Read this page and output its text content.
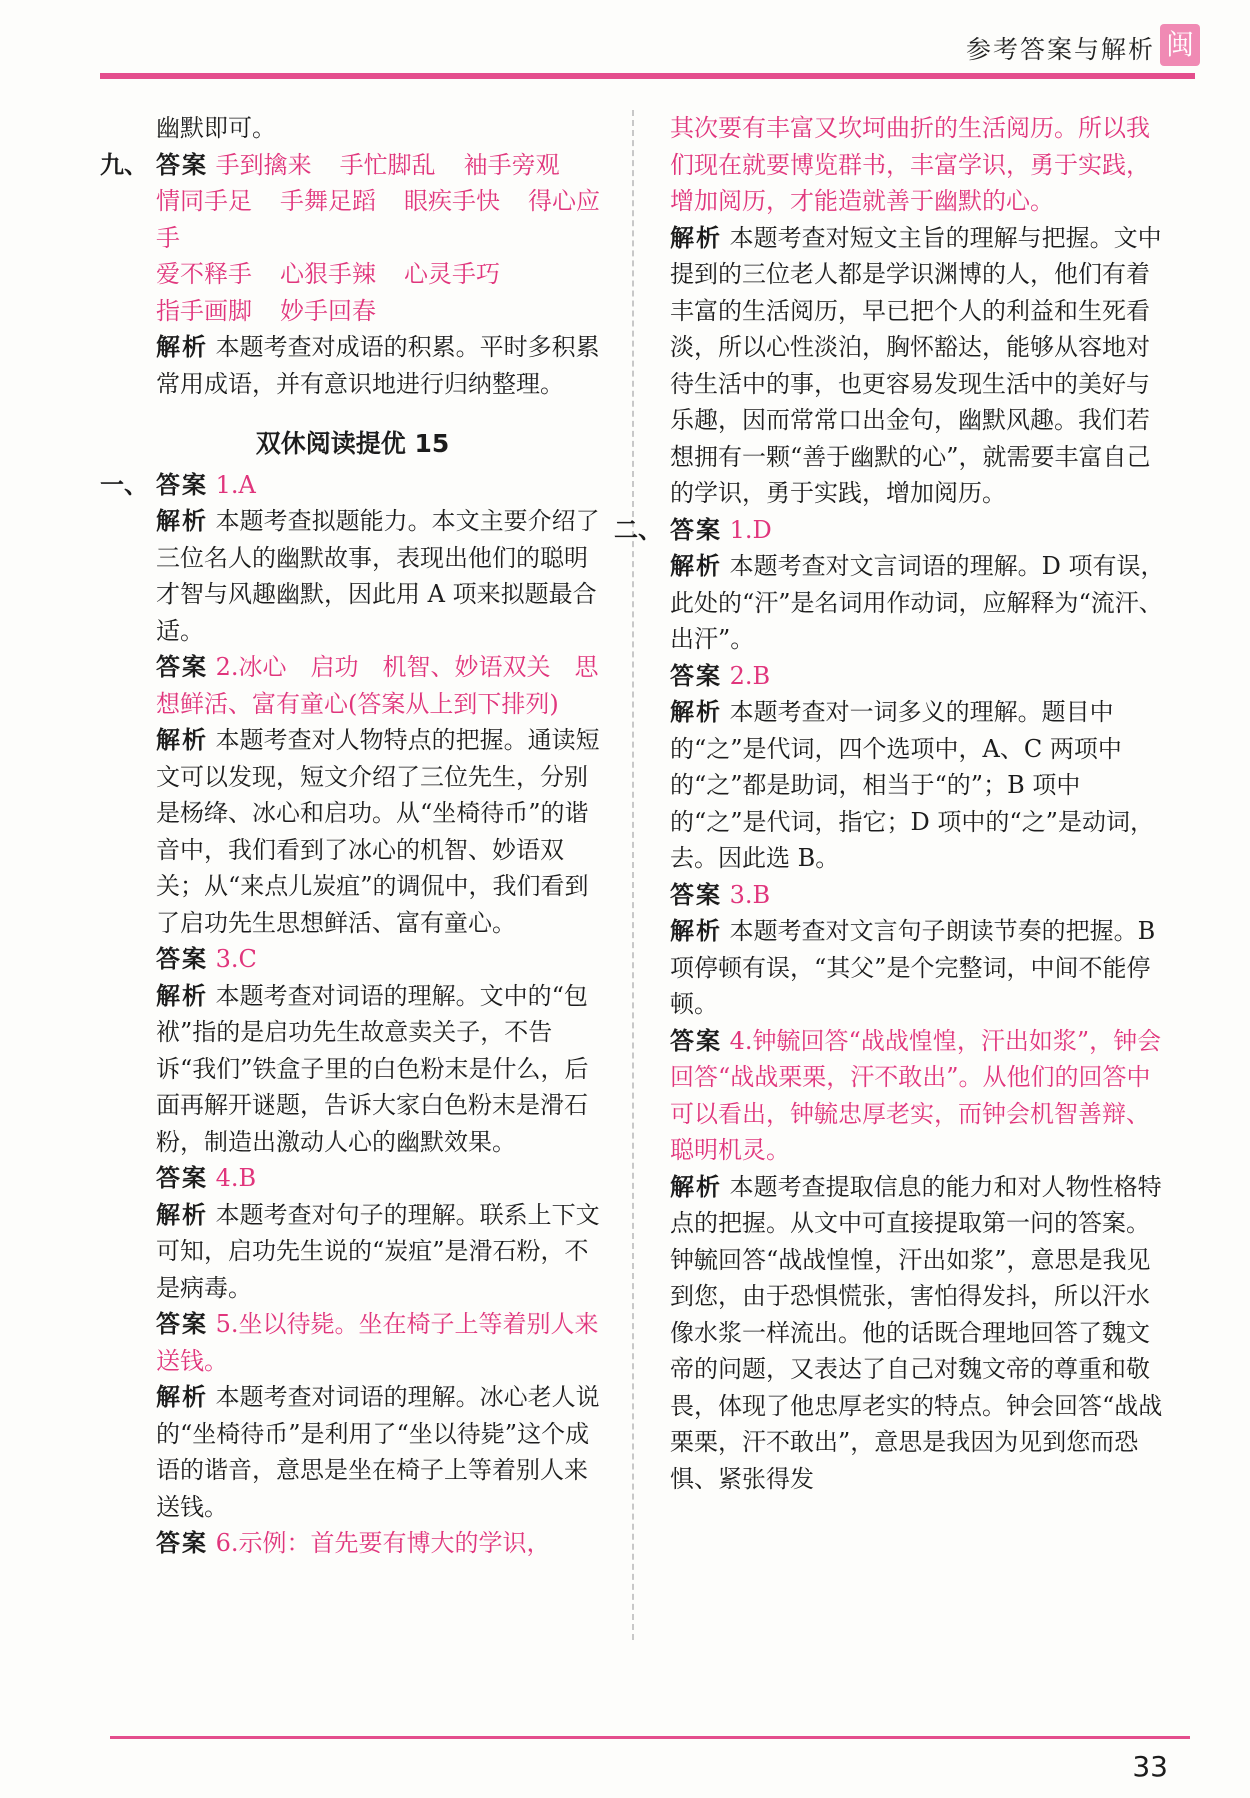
参考答案与解析 闽

幽默即可。

九、 答案 手到擒来 手忙脚乱 袖手旁观

情同手足 手舞足蹈 眼疾手快 得心应手

爱不释手 心狠手辣 心灵手巧

指手画脚 妙手回春

解析 本题考查对成语的积累。平时多积累常用成语，并有意识地进行归纳整理。

双休阅读提优 15

一、 答案 1.A

解析 本题考查拟题能力。本文主要介绍了三位名人的幽默故事，表现出他们的聪明才智与风趣幽默，因此用 A 项来拟题最合适。

答案 2.冰心　启功　机智、妙语双关　思想鲜活、富有童心(答案从上到下排列)

解析 本题考查对人物特点的把握。通读短文可以发现，短文介绍了三位先生，分别是杨绛、冰心和启功。从“坐椅待币”的谐音中，我们看到了冰心的机智、妙语双关；从“来点儿炭疽”的调侃中，我们看到了启功先生思想鲜活、富有童心。

答案 3.C

解析 本题考查对词语的理解。文中的“包袱”指的是启功先生故意卖关子，不告诉“我们”铁盒子里的白色粉末是什么，后面再解开谜题，告诉大家白色粉末是滑石粉，制造出激动人心的幽默效果。

答案 4.B

解析 本题考查对句子的理解。联系上下文可知，启功先生说的“炭疽”是滑石粉，不是病毒。

答案 5.坐以待毙。坐在椅子上等着别人来送钱。

解析 本题考查对词语的理解。冰心老人说的“坐椅待币”是利用了“坐以待毙”这个成语的谐音，意思是坐在椅子上等着别人来送钱。

答案 6.示例：首先要有博大的学识，

其次要有丰富又坎坷曲折的生活阅历。所以我们现在就要博览群书，丰富学识，勇于实践，增加阅历，才能造就善于幽默的心。

解析 本题考查对短文主旨的理解与把握。文中提到的三位老人都是学识渊博的人，他们有着丰富的生活阅历，早已把个人的利益和生死看淡，所以心性淡泊，胸怀豁达，能够从容地对待生活中的事，也更容易发现生活中的美好与乐趣，因而常常口出金句，幽默风趣。我们若想拥有一颗“善于幽默的心”，就需要丰富自己的学识，勇于实践，增加阅历。

二、 答案 1.D

解析 本题考查对文言词语的理解。D 项有误，此处的“汗”是名词用作动词，应解释为“流汗、出汗”。

答案 2.B

解析 本题考查对一词多义的理解。题目中的“之”是代词，四个选项中，A、C 两项中的“之”都是助词，相当于“的”；B 项中的“之”是代词，指它；D 项中的“之”是动词，去。因此选 B。

答案 3.B

解析 本题考查对文言句子朗读节奏的把握。B 项停顿有误，“其父”是个完整词，中间不能停顿。

答案 4.钟毓回答“战战惶惶，汗出如浆”，钟会回答“战战栗栗，汗不敢出”。从他们的回答中可以看出，钟毓忠厚老实，而钟会机智善辩、聪明机灵。

解析 本题考查提取信息的能力和对人物性格特点的把握。从文中可直接提取第一问的答案。钟毓回答“战战惶惶，汗出如浆”，意思是我见到您，由于恐惧慌张，害怕得发抖，所以汗水像水浆一样流出。他的话既合理地回答了魏文帝的问题，又表达了自己对魏文帝的尊重和敬畏，体现了他忠厚老实的特点。钟会回答“战战栗栗，汗不敢出”，意思是我因为见到您而恐惧、紧张得发

33
